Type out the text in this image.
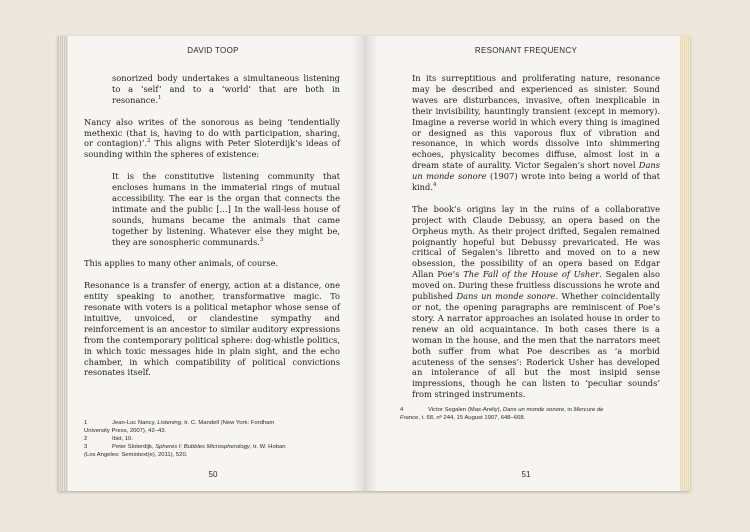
DAVID TOOP
sonorized body undertakes a simultaneous listening to a ‘self’ and to a ‘world’ that are both in resonance.$^1$

Nancy also writes of the sonorous as being ‘tendentially methexic (that is, having to do with participation, sharing, or contagion)’.$^2$ This aligns with Peter Sloterdijk’s ideas of sounding within the spheres of existence:

It is the constitutive listening community that encloses humans in the immaterial rings of mutual accessibility. The ear is the organ that connects the intimate and the public [...] In the wall-less house of sounds, humans became the animals that came together by listening. Whatever else they might be, they are sonospheric communards.$^3$

This applies to many other animals, of course.

Resonance is a transfer of energy, action at a distance, one entity speaking to another, transformative magic. To resonate with voters is a political metaphor whose sense of intuitive, unvoiced, or clandestine sympathy and reinforcement is an ancestor to similar auditory expressions from the contemporary political sphere: dog-whistle politics, in which toxic messages hide in plain sight, and the echo chamber, in which compatibility of political convictions resonates itself.

1	Jean-Luc Nancy, Listening, tr. C. Mandell (New York: Fordham
University Press, 2007), 42–43.
2	Ibid, 10.
3	Peter Sloterdijk, Spheres I: Bubbles Microspherology, tr. W. Hoban
(Los Angeles: Semiotext(e), 2011), 520.
50
RESONANT FREQUENCY

In its surreptitious and proliferating nature, resonance may be described and experienced as sinister. Sound waves are disturbances, invasive, often inexplicable in their invisibility, hauntingly transient (except in memory). Imagine a reverse world in which every thing is imagined or designed as this vaporous flux of vibration and resonance, in which words dissolve into shimmering echoes, physicality becomes diffuse, almost lost in a dream state of aurality. Victor Segalen’s short novel Dans un monde sonore (1907) wrote into being a world of that kind.$^4$

The book’s origins lay in the ruins of a collaborative project with Claude Debussy, an opera based on the Orpheus myth. As their project drifted, Segalen remained poignantly hopeful but Debussy prevaricated. He was critical of Segalen’s libretto and moved on to a new obsession, the possibility of an opera based on Edgar Allan Poe’s The Fall of the House of Usher. Segalen also moved on. During these fruitless discussions he wrote and published Dans un monde sonore. Whether coincidentally or not, the opening paragraphs are reminiscent of Poe’s story. A narrator approaches an isolated house in order to renew an old acquaintance. In both cases there is a woman in the house, and the men that the narrators meet both suffer from what Poe describes as ‘a morbid acuteness of the senses’: Roderick Usher has developed an intolerance of all but the most insipid sense impressions, though he can listen to ‘peculiar sounds’ from stringed instruments.

4	Victor Segalen (Max-Anély), Dans un monde sonore, in Mercure de
France, t. 68, nº 244, 15 August 1907, 648–668.
51
